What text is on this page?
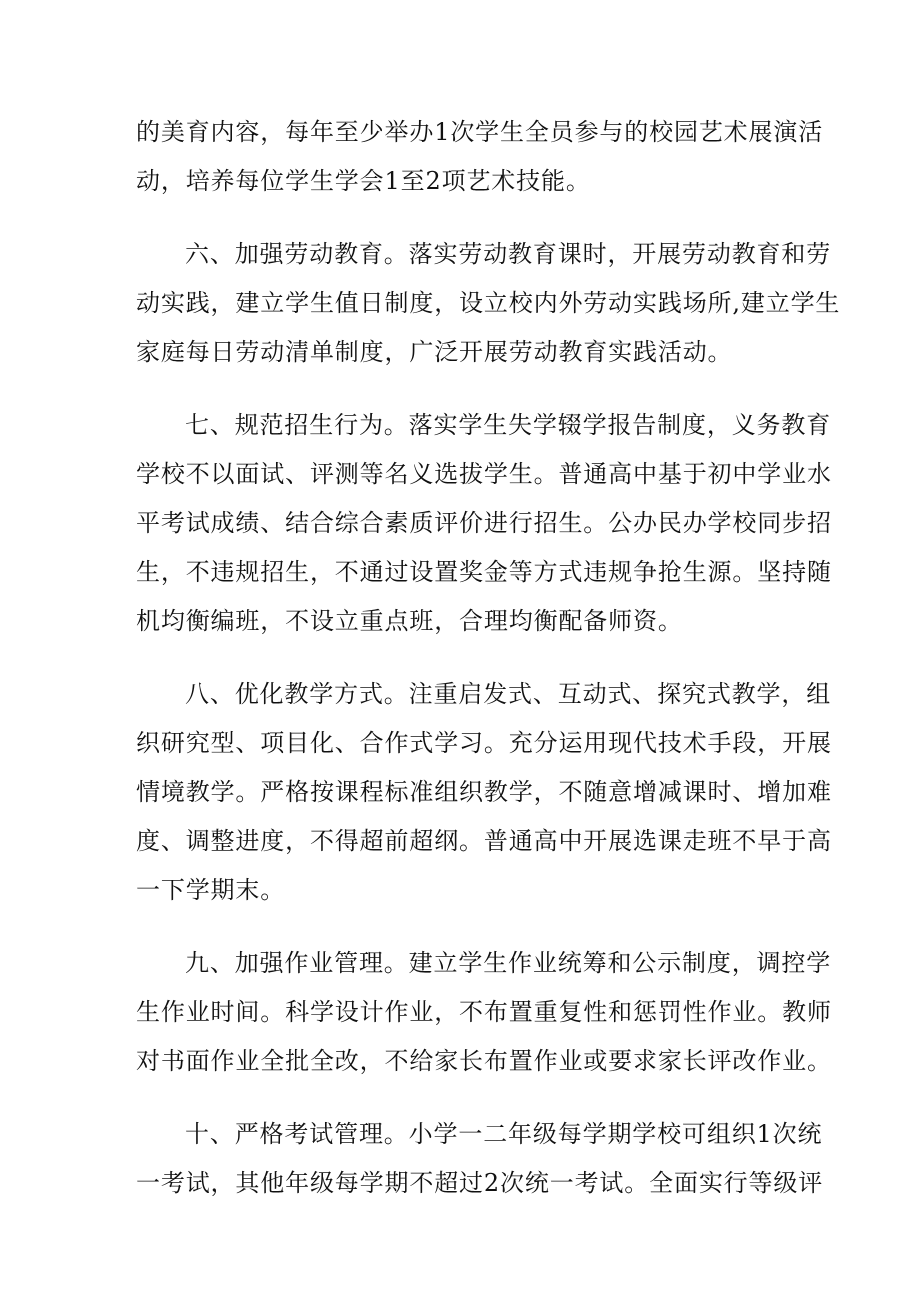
的美育内容，每年至少举办1次学生全员参与的校园艺术展演活
动，培养每位学生学会1至2项艺术技能。
六、加强劳动教育。落实劳动教育课时，开展劳动教育和劳
动实践，建立学生值日制度，设立校内外劳动实践场所,建立学生
家庭每日劳动清单制度，广泛开展劳动教育实践活动。
七、规范招生行为。落实学生失学辍学报告制度，义务教育
学校不以面试、评测等名义选拔学生。普通高中基于初中学业水
平考试成绩、结合综合素质评价进行招生。公办民办学校同步招
生，不违规招生，不通过设置奖金等方式违规争抢生源。坚持随
机均衡编班，不设立重点班，合理均衡配备师资。
八、优化教学方式。注重启发式、互动式、探究式教学，组
织研究型、项目化、合作式学习。充分运用现代技术手段，开展
情境教学。严格按课程标准组织教学，不随意增减课时、增加难
度、调整进度，不得超前超纲。普通高中开展选课走班不早于高
一下学期末。
九、加强作业管理。建立学生作业统筹和公示制度，调控学
生作业时间。科学设计作业，不布置重复性和惩罚性作业。教师
对书面作业全批全改，不给家长布置作业或要求家长评改作业。
十、严格考试管理。小学一二年级每学期学校可组织1次统
一考试，其他年级每学期不超过2次统一考试。全面实行等级评
